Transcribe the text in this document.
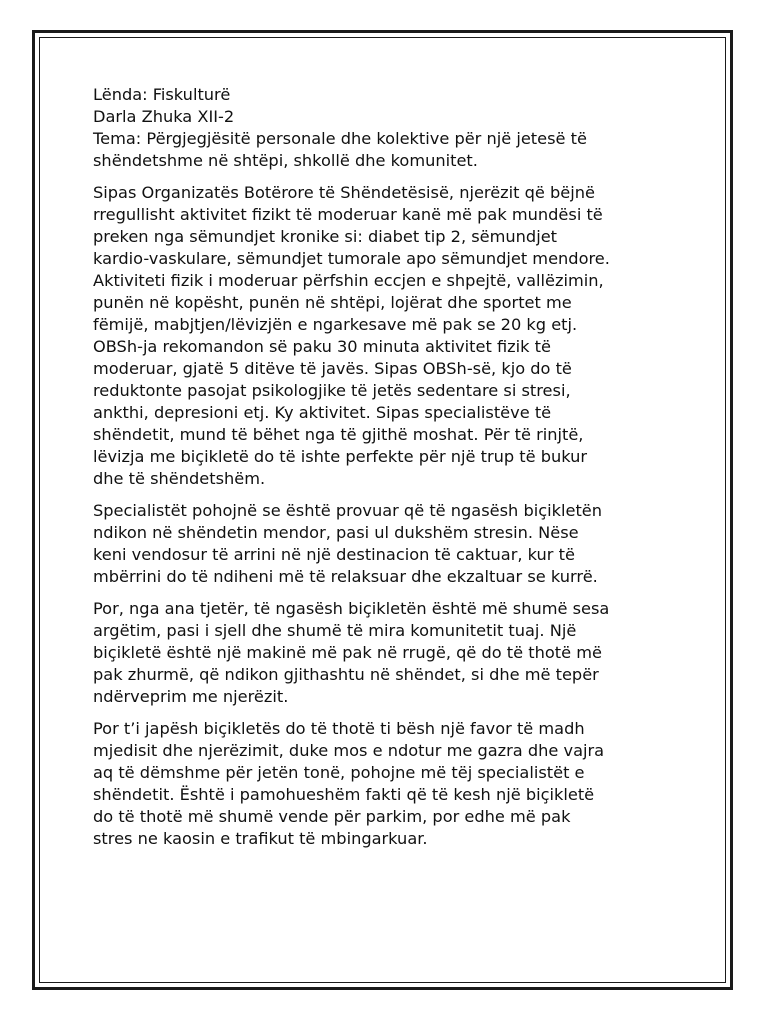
Lënda: Fiskulturë

Darla Zhuka XII-2

Tema: Përgjegjësitë personale dhe kolektive për një jetesë të

shëndetshme në shtëpi, shkollë dhe komunitet.

Sipas Organizatës Botërore të Shëndetësisë, njerëzit që bëjnë
rregullisht aktivitet fizikt të moderuar kanë më pak mundësi të
preken nga sëmundjet kronike si: diabet tip 2, sëmundjet
kardio-vaskulare, sëmundjet tumorale apo sëmundjet mendore.
Aktiviteti fizik i moderuar përfshin eccjen e shpejtë, vallëzimin,
punën në kopësht, punën në shtëpi, lojërat dhe sportet me
fëmijë, mabjtjen/lëvizjën e ngarkesave më pak se 20 kg etj.
OBSh-ja rekomandon së paku 30 minuta aktivitet fizik të
moderuar, gjatë 5 ditëve të javës. Sipas OBSh-së, kjo do të
reduktonte pasojat psikologjike të jetës sedentare si stresi,
ankthi, depresioni etj. Ky aktivitet. Sipas specialistëve të
shëndetit, mund të bëhet nga të gjithë moshat. Për të rinjtë,
lëvizja me biçikletë do të ishte perfekte për një trup të bukur
dhe të shëndetshëm.

Specialistët pohojnë se është provuar që të ngasësh biçikletën
ndikon në shëndetin mendor, pasi ul dukshëm stresin. Nëse
keni vendosur të arrini në një destinacion të caktuar, kur të
mbërrini do të ndiheni më të relaksuar dhe ekzaltuar se kurrë.

Por, nga ana tjetër, të ngasësh biçikletën është më shumë sesa
argëtim, pasi i sjell dhe shumë të mira komunitetit tuaj. Një
biçikletë është një makinë më pak në rrugë, që do të thotë më
pak zhurmë, që ndikon gjithashtu në shëndet, si dhe më tepër
ndërveprim me njerëzit.

Por t’i japësh biçikletës do të thotë ti bësh një favor të madh
mjedisit dhe njerëzimit, duke mos e ndotur me gazra dhe vajra
aq të dëmshme për jetën tonë, pohojne më tëj specialistët e
shëndetit. Është i pamohueshëm fakti që të kesh një biçikletë
do të thotë më shumë vende për parkim, por edhe më pak
stres ne kaosin e trafikut të mbingarkuar.
